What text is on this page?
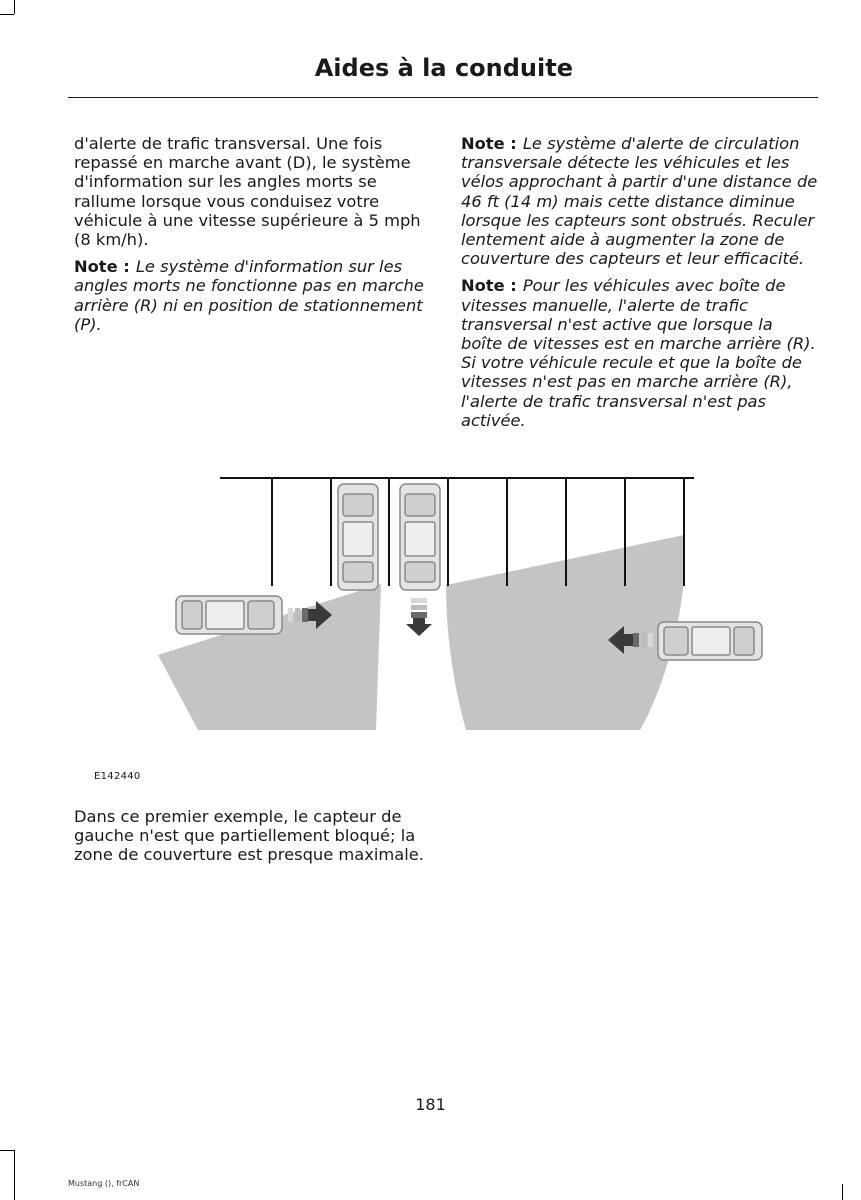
Aides à la conduite

d'alerte de trafic transversal. Une fois repassé en marche avant (D), le système d'information sur les angles morts se rallume lorsque vous conduisez votre véhicule à une vitesse supérieure à 5 mph (8 km/h).

Note : Le système d'information sur les angles morts ne fonctionne pas en marche arrière (R) ni en position de stationnement (P).

Note : Le système d'alerte de circulation transversale détecte les véhicules et les vélos approchant à partir d'une distance de 46 ft (14 m) mais cette distance diminue lorsque les capteurs sont obstrués. Reculer lentement aide à augmenter la zone de couverture des capteurs et leur efficacité.

Note : Pour les véhicules avec boîte de vitesses manuelle, l'alerte de trafic transversal n'est active que lorsque la boîte de vitesses est en marche arrière (R). Si votre véhicule recule et que la boîte de vitesses n'est pas en marche arrière (R), l'alerte de trafic transversal n'est pas activée.

E142440

Dans ce premier exemple, le capteur de gauche n'est que partiellement bloqué; la zone de couverture est presque maximale.

181
Mustang (), frCAN
